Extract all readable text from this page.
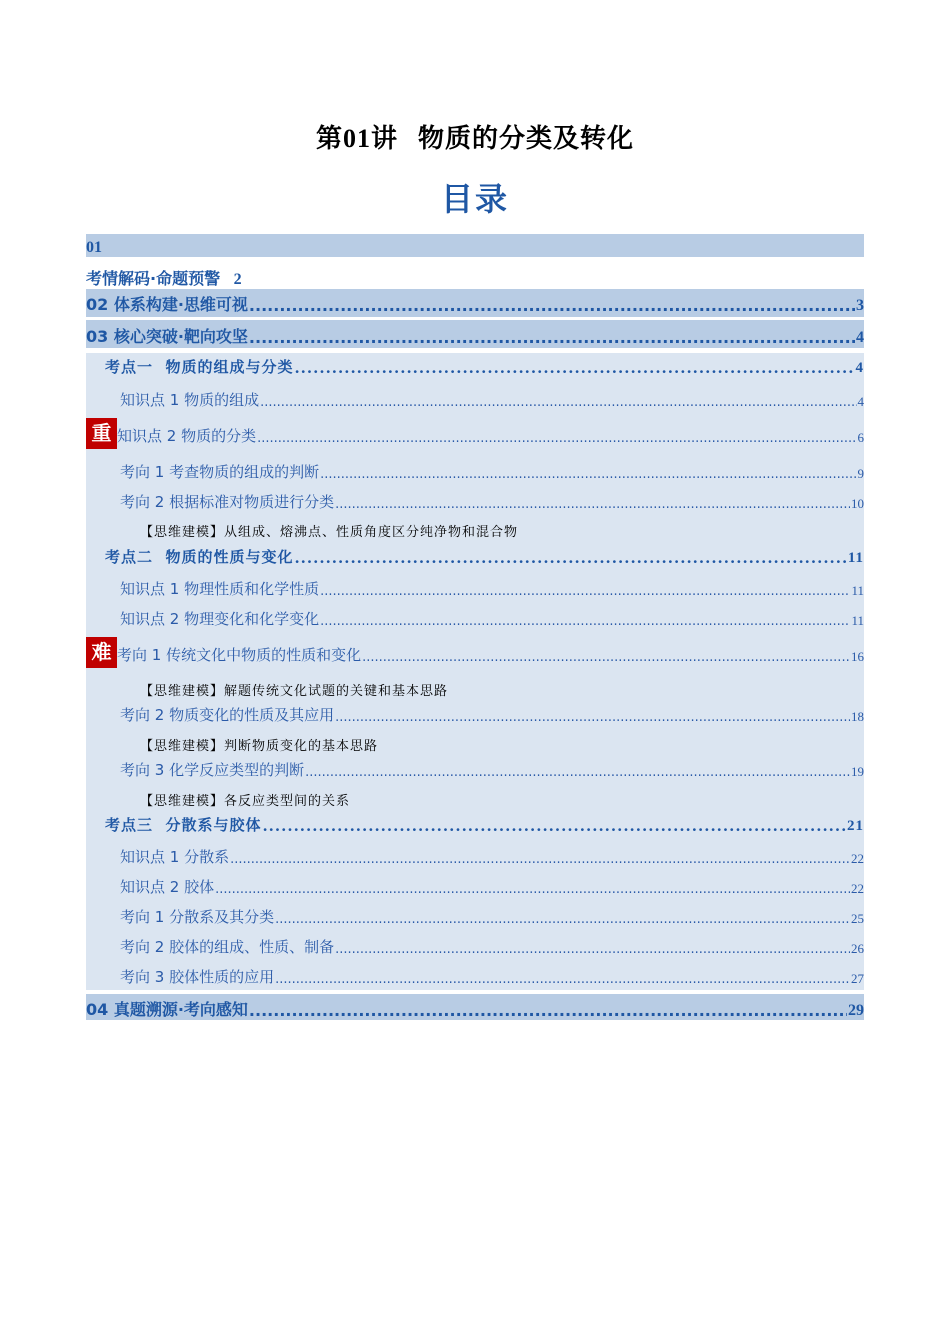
第01讲  物质的分类及转化
目录
01
考情解码·命题预警 2
02 体系构建·思维可视 .....	3
03 核心突破·靶向攻坚 .....	4
考点一  物质的组成与分类 .....	4
知识点 1 物质的组成 .....	4
重 知识点 2 物质的分类 .....	6
考向 1 考查物质的组成的判断 .....	9
考向 2 根据标准对物质进行分类 .....	10
【思维建模】从组成、熔沸点、性质角度区分纯净物和混合物
考点二  物质的性质与变化 .....	11
知识点 1 物理性质和化学性质 .....	11
知识点 2 物理变化和化学变化 .....	11
难 考向 1 传统文化中物质的性质和变化 .....	16
【思维建模】解题传统文化试题的关键和基本思路
考向 2 物质变化的性质及其应用 .....	18
【思维建模】判断物质变化的基本思路
考向 3 化学反应类型的判断 .....	19
【思维建模】各反应类型间的关系
考点三  分散系与胶体 .....	21
知识点 1 分散系 .....	22
知识点 2 胶体 .....	22
考向 1 分散系及其分类 .....	25
考向 2 胶体的组成、性质、制备 .....	26
考向 3 胶体性质的应用 .....	27
04 真题溯源·考向感知 .....	29
